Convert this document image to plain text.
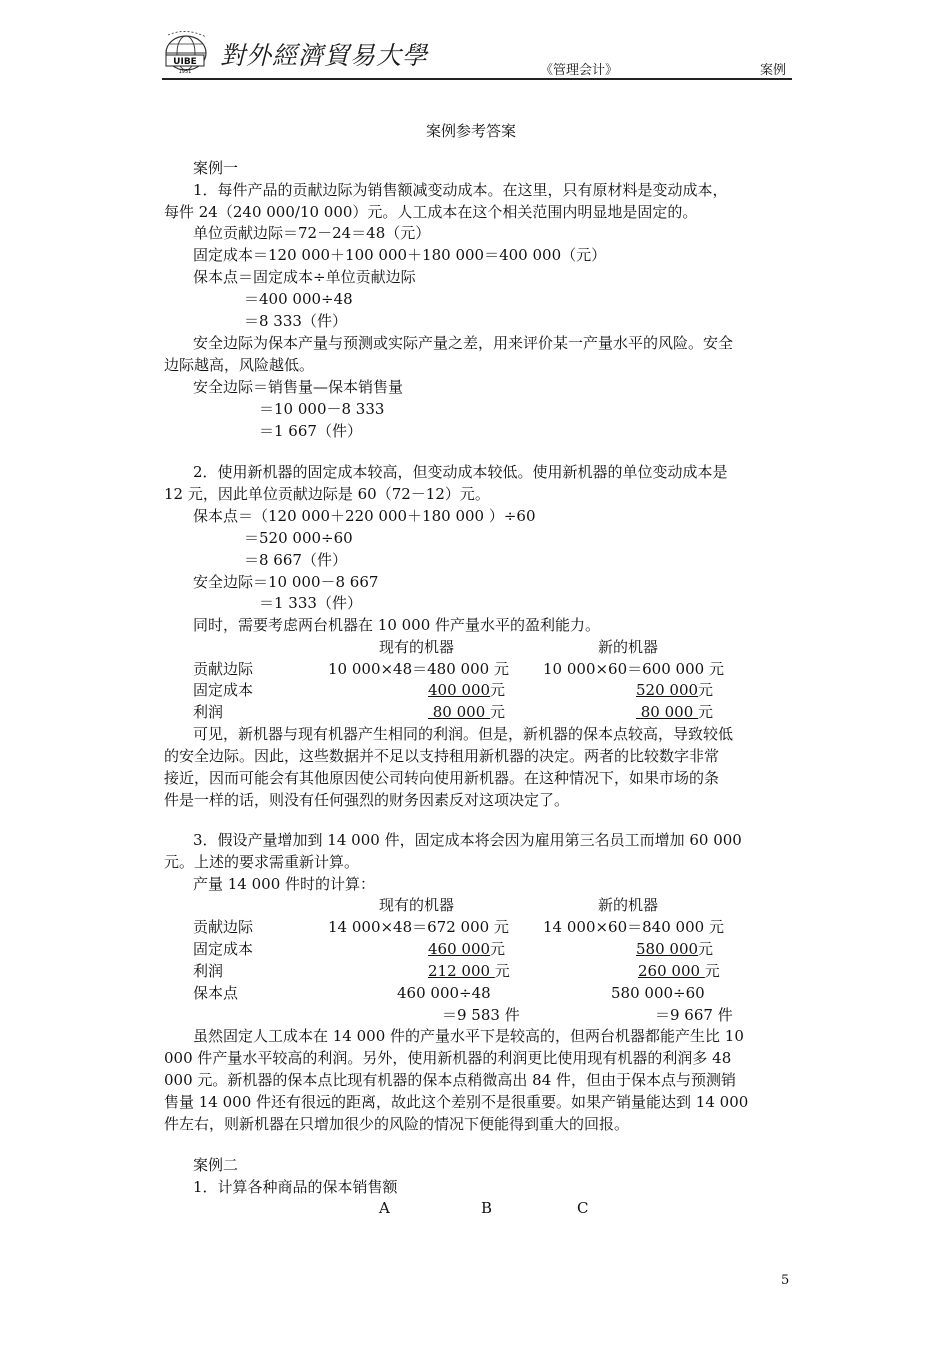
UIBE
1951
對外經濟貿易大學
《管理会计》	案例
案例参考答案
案例一
1．每件产品的贡献边际为销售额减变动成本。在这里，只有原材料是变动成本，
每件 24（240 000/10 000）元。人工成本在这个相关范围内明显地是固定的。
单位贡献边际＝72－24＝48（元）
固定成本＝120 000＋100 000＋180 000＝400 000（元）
保本点＝固定成本÷单位贡献边际
＝400 000÷48
＝8 333（件）
安全边际为保本产量与预测或实际产量之差，用来评价某一产量水平的风险。安全
边际越高，风险越低。
安全边际＝销售量—保本销售量
＝10 000－8 333
＝1 667（件）
2．使用新机器的固定成本较高，但变动成本较低。使用新机器的单位变动成本是
12 元，因此单位贡献边际是 60（72－12）元。
保本点＝（120 000＋220 000＋180 000 ）÷60
＝520 000÷60
＝8 667（件）
安全边际＝10 000－8 667
＝1 333（件）
同时，需要考虑两台机器在 10 000 件产量水平的盈利能力。
现有的机器	新的机器
贡献边际	10 000×48＝480 000 元 10 000×60＝600 000 元
固定成本	400 000元	520 000元
利润	80 000 元	80 000 元
可见，新机器与现有机器产生相同的利润。但是，新机器的保本点较高，导致较低
的安全边际。因此，这些数据并不足以支持租用新机器的决定。两者的比较数字非常
接近，因而可能会有其他原因使公司转向使用新机器。在这种情况下，如果市场的条
件是一样的话，则没有任何强烈的财务因素反对这项决定了。
3．假设产量增加到 14 000 件，固定成本将会因为雇用第三名员工而增加 60 000
元。上述的要求需重新计算。
产量 14 000 件时的计算：
现有的机器	新的机器
贡献边际	14 000×48＝672 000 元 14 000×60＝840 000 元
固定成本	460 000元	580 000元
利润	212 000 元	260 000 元
保本点	460 000÷48	580 000÷60
＝9 583 件	＝9 667 件
虽然固定人工成本在 14 000 件的产量水平下是较高的，但两台机器都能产生比 10
000 件产量水平较高的利润。另外，使用新机器的利润更比使用现有机器的利润多 48
000 元。新机器的保本点比现有机器的保本点稍微高出 84 件，但由于保本点与预测销
售量 14 000 件还有很远的距离，故此这个差别不是很重要。如果产销量能达到 14 000
件左右，则新机器在只增加很少的风险的情况下便能得到重大的回报。
案例二
1．计算各种商品的保本销售额
A	B	C
5
